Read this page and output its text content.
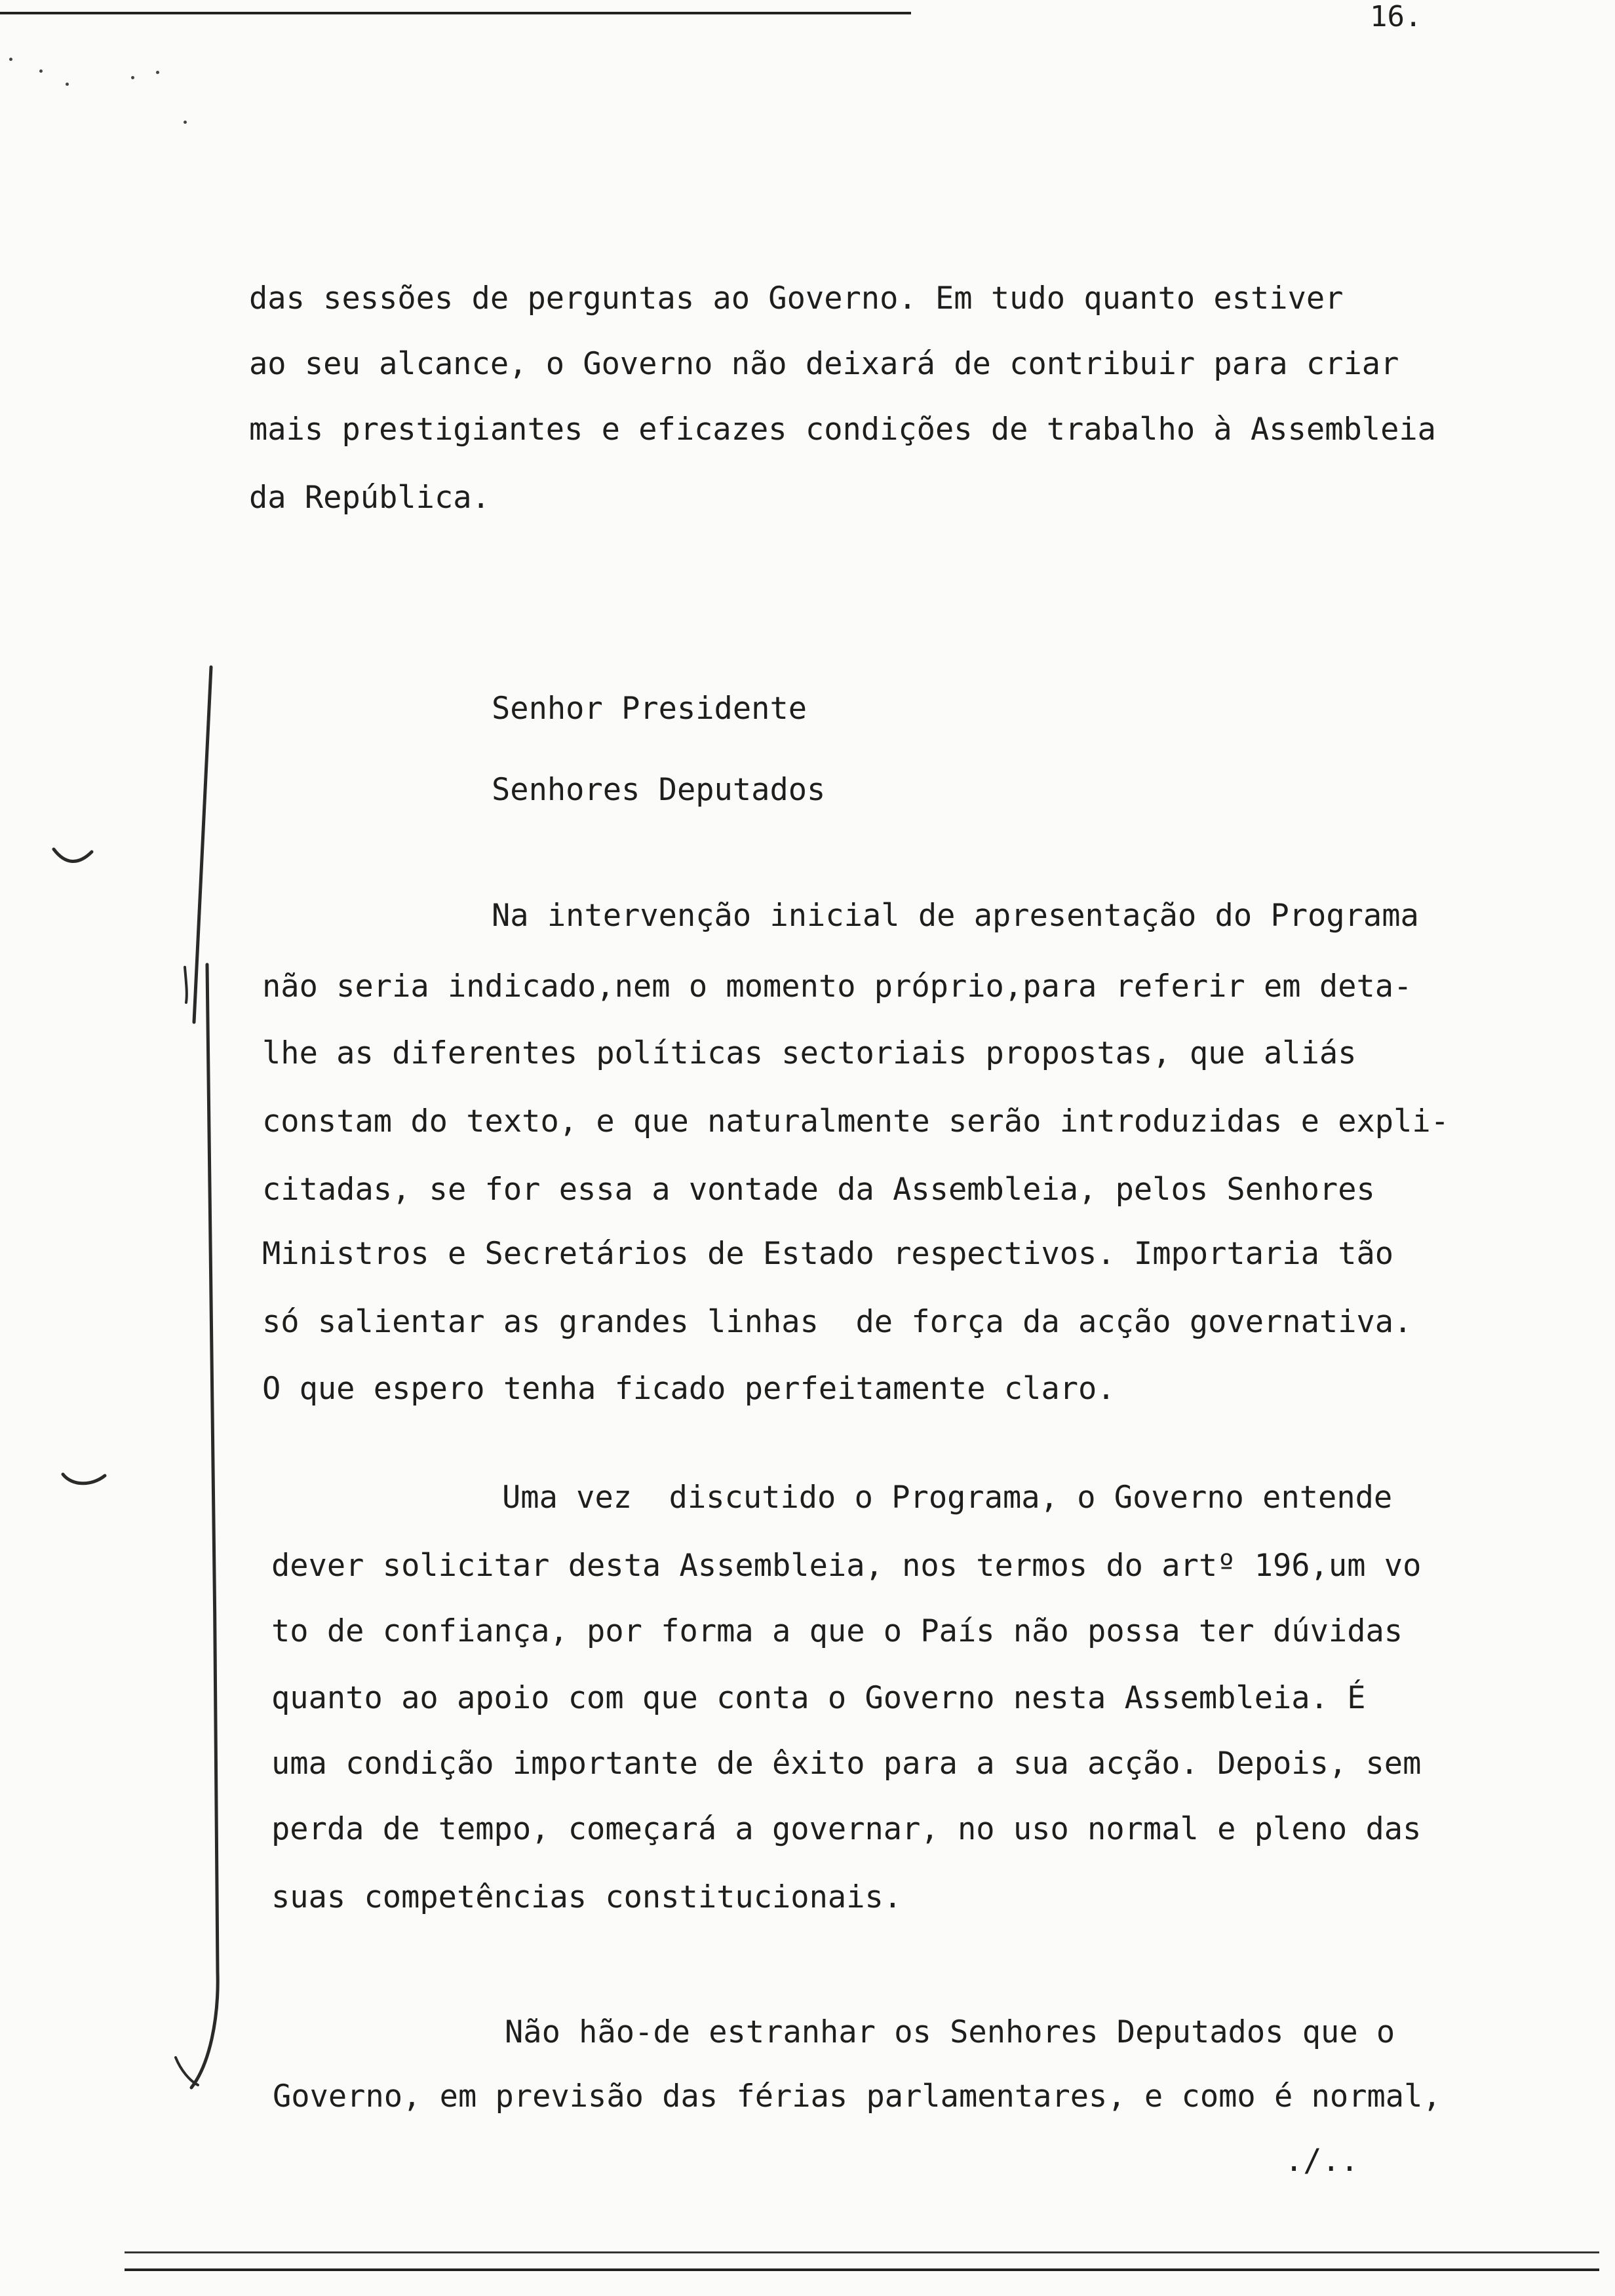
16.
das sessões de perguntas ao Governo. Em tudo quanto estiver
ao seu alcance, o Governo não deixará de contribuir para criar
mais prestigiantes e eficazes condições de trabalho à Assembleia
da República.
Senhor Presidente
Senhores Deputados
Na intervenção inicial de apresentação do Programa
não seria indicado,nem o momento próprio,para referir em deta-
lhe as diferentes políticas sectoriais propostas, que aliás
constam do texto, e que naturalmente serão introduzidas e expli-
citadas, se for essa a vontade da Assembleia, pelos Senhores
Ministros e Secretários de Estado respectivos. Importaria tão
só salientar as grandes linhas  de força da acção governativa.
O que espero tenha ficado perfeitamente claro.
Uma vez  discutido o Programa, o Governo entende
dever solicitar desta Assembleia, nos termos do artº 196,um vo
to de confiança, por forma a que o País não possa ter dúvidas
quanto ao apoio com que conta o Governo nesta Assembleia. É
uma condição importante de êxito para a sua acção. Depois, sem
perda de tempo, começará a governar, no uso normal e pleno das
suas competências constitucionais.
Não hão-de estranhar os Senhores Deputados que o
Governo, em previsão das férias parlamentares, e como é normal,
./..
